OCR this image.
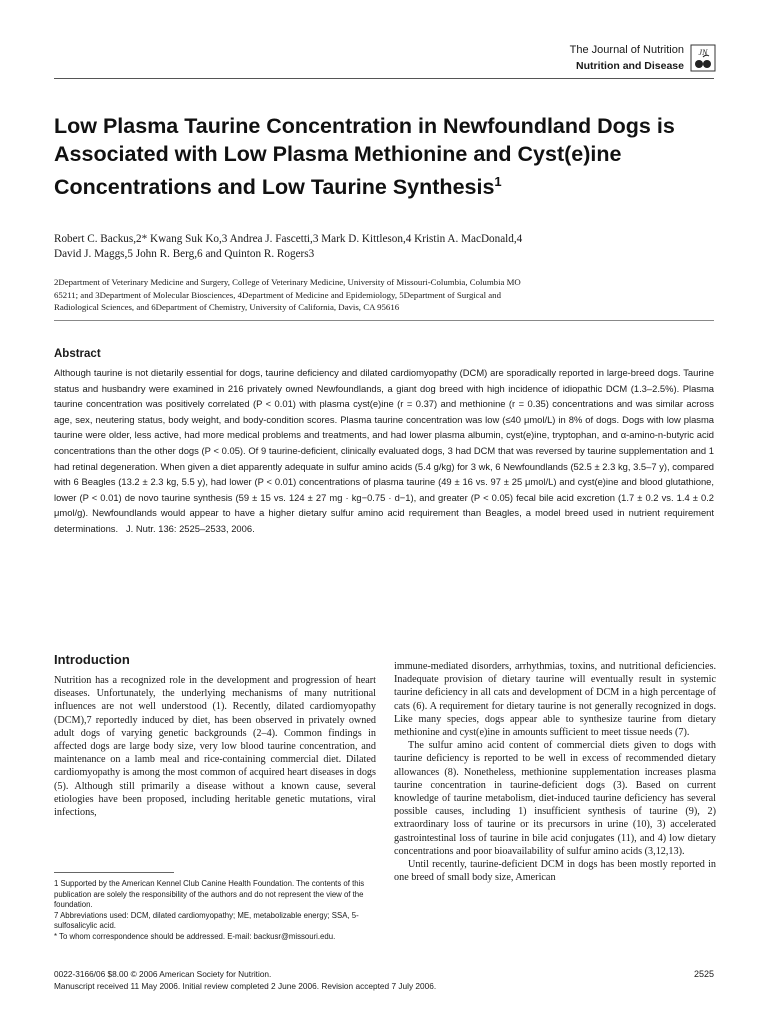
The Journal of Nutrition
Nutrition and Disease
JN
Low Plasma Taurine Concentration in Newfoundland Dogs is Associated with Low Plasma Methionine and Cyst(e)ine Concentrations and Low Taurine Synthesis$^1$
Robert C. Backus,2* Kwang Suk Ko,3 Andrea J. Fascetti,3 Mark D. Kittleson,4 Kristin A. MacDonald,4
David J. Maggs,5 John R. Berg,6 and Quinton R. Rogers3
2Department of Veterinary Medicine and Surgery, College of Veterinary Medicine, University of Missouri-Columbia, Columbia MO
65211; and 3Department of Molecular Biosciences, 4Department of Medicine and Epidemiology, 5Department of Surgical and
Radiological Sciences, and 6Department of Chemistry, University of California, Davis, CA 95616
Abstract

Although taurine is not dietarily essential for dogs, taurine deficiency and dilated cardiomyopathy (DCM) are sporadically reported in large-breed dogs. Taurine status and husbandry were examined in 216 privately owned Newfoundlands, a giant dog breed with high incidence of idiopathic DCM (1.3–2.5%). Plasma taurine concentration was positively correlated (P < 0.01) with plasma cyst(e)ine (r = 0.37) and methionine (r = 0.35) concentrations and was similar across age, sex, neutering status, body weight, and body-condition scores. Plasma taurine concentration was low (≤40 μmol/L) in 8% of dogs. Dogs with low plasma taurine were older, less active, had more medical problems and treatments, and had lower plasma albumin, cyst(e)ine, tryptophan, and α-amino-n-butyric acid concentrations than the other dogs (P < 0.05). Of 9 taurine-deficient, clinically evaluated dogs, 3 had DCM that was reversed by taurine supplementation and 1 had retinal degeneration. When given a diet apparently adequate in sulfur amino acids (5.4 g/kg) for 3 wk, 6 Newfoundlands (52.5 ± 2.3 kg, 3.5–7 y), compared with 6 Beagles (13.2 ± 2.3 kg, 5.5 y), had lower (P < 0.01) concentrations of plasma taurine (49 ± 16 vs. 97 ± 25 μmol/L) and cyst(e)ine and blood glutathione, lower (P < 0.01) de novo taurine synthesis (59 ± 15 vs. 124 ± 27 mg · kg−0.75 · d−1), and greater (P < 0.05) fecal bile acid excretion (1.7 ± 0.2 vs. 1.4 ± 0.2 μmol/g). Newfoundlands would appear to have a higher dietary sulfur amino acid requirement than Beagles, a model breed used in nutrient requirement determinations. J. Nutr. 136: 2525–2533, 2006.

Introduction

Nutrition has a recognized role in the development and progression of heart diseases. Unfortunately, the underlying mechanisms of many nutritional influences are not well understood (1). Recently, dilated cardiomyopathy (DCM),7 reportedly induced by diet, has been observed in privately owned adult dogs of varying genetic backgrounds (2–4). Common findings in affected dogs are large body size, very low blood taurine concentration, and maintenance on a lamb meal and rice-containing commercial diet. Dilated cardiomyopathy is among the most common of acquired heart diseases in dogs (5). Although still primarily a disease without a known cause, several etiologies have been proposed, including heritable genetic mutations, viral infections,

immune-mediated disorders, arrhythmias, toxins, and nutritional deficiencies. Inadequate provision of dietary taurine will eventually result in systemic taurine deficiency in all cats and development of DCM in a high percentage of cats (6). A requirement for dietary taurine is not generally recognized in dogs. Like many species, dogs appear able to synthesize taurine from dietary methionine and cyst(e)ine in amounts sufficient to meet tissue needs (7).

The sulfur amino acid content of commercial diets given to dogs with taurine deficiency is reported to be well in excess of recommended dietary allowances (8). Nonetheless, methionine supplementation increases plasma taurine concentration in taurine-deficient dogs (3). Based on current knowledge of taurine metabolism, diet-induced taurine deficiency has several possible causes, including 1) insufficient synthesis of taurine (9), 2) extraordinary loss of taurine or its precursors in urine (10), 3) accelerated gastrointestinal loss of taurine in bile acid conjugates (11), and 4) low dietary concentrations and poor bioavailability of sulfur amino acids (3,12,13).

Until recently, taurine-deficient DCM in dogs has been mostly reported in one breed of small body size, American

1 Supported by the American Kennel Club Canine Health Foundation. The contents of this publication are solely the responsibility of the authors and do not represent the view of the foundation.

7 Abbreviations used: DCM, dilated cardiomyopathy; ME, metabolizable energy; SSA, 5-sulfosalicylic acid.

* To whom correspondence should be addressed. E-mail: backusr@missouri.edu.

0022-3166/06 $8.00 © 2006 American Society for Nutrition.
Manuscript received 11 May 2006. Initial review completed 2 June 2006. Revision accepted 7 July 2006.
2525
